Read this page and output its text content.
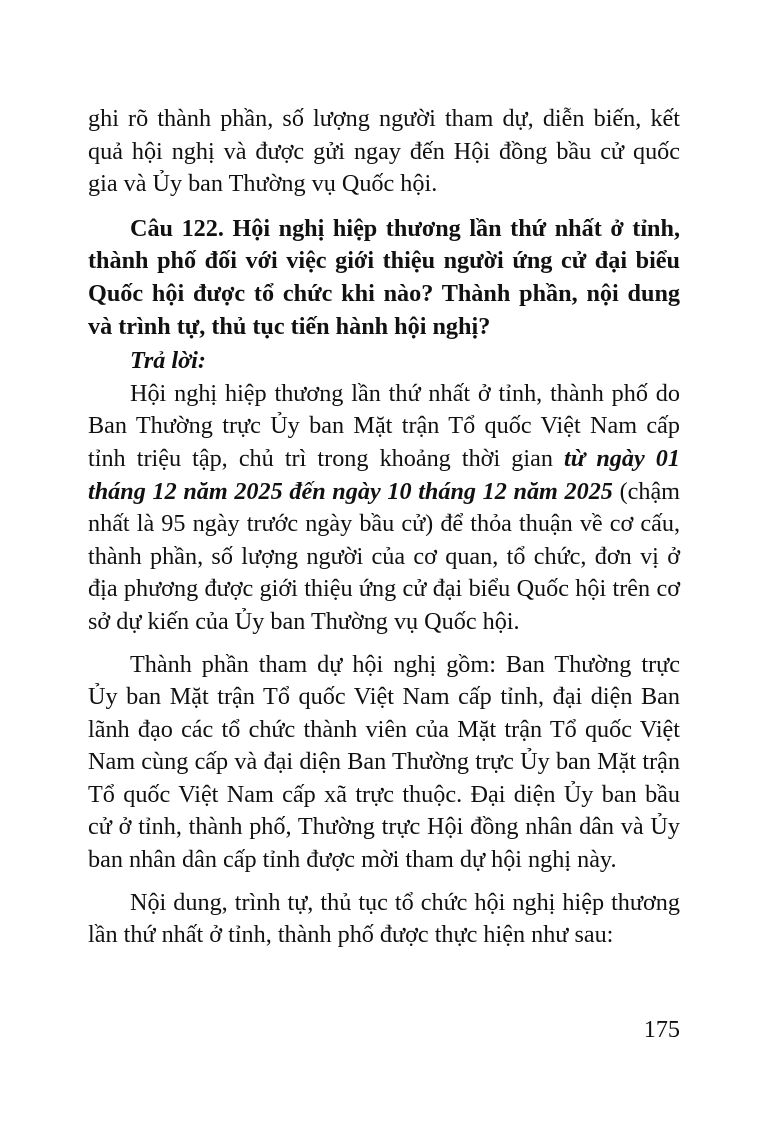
ghi rõ thành phần, số lượng người tham dự, diễn biến, kết quả hội nghị và được gửi ngay đến Hội đồng bầu cử quốc gia và Ủy ban Thường vụ Quốc hội.

Câu 122. Hội nghị hiệp thương lần thứ nhất ở tỉnh, thành phố đối với việc giới thiệu người ứng cử đại biểu Quốc hội được tổ chức khi nào? Thành phần, nội dung và trình tự, thủ tục tiến hành hội nghị?

Trả lời:

Hội nghị hiệp thương lần thứ nhất ở tỉnh, thành phố do Ban Thường trực Ủy ban Mặt trận Tổ quốc Việt Nam cấp tỉnh triệu tập, chủ trì trong khoảng thời gian từ ngày 01 tháng 12 năm 2025 đến ngày 10 tháng 12 năm 2025 (chậm nhất là 95 ngày trước ngày bầu cử) để thỏa thuận về cơ cấu, thành phần, số lượng người của cơ quan, tổ chức, đơn vị ở địa phương được giới thiệu ứng cử đại biểu Quốc hội trên cơ sở dự kiến của Ủy ban Thường vụ Quốc hội.

Thành phần tham dự hội nghị gồm: Ban Thường trực Ủy ban Mặt trận Tổ quốc Việt Nam cấp tỉnh, đại diện Ban lãnh đạo các tổ chức thành viên của Mặt trận Tổ quốc Việt Nam cùng cấp và đại diện Ban Thường trực Ủy ban Mặt trận Tổ quốc Việt Nam cấp xã trực thuộc. Đại diện Ủy ban bầu cử ở tỉnh, thành phố, Thường trực Hội đồng nhân dân và Ủy ban nhân dân cấp tỉnh được mời tham dự hội nghị này.

Nội dung, trình tự, thủ tục tổ chức hội nghị hiệp thương lần thứ nhất ở tỉnh, thành phố được thực hiện như sau:

175
